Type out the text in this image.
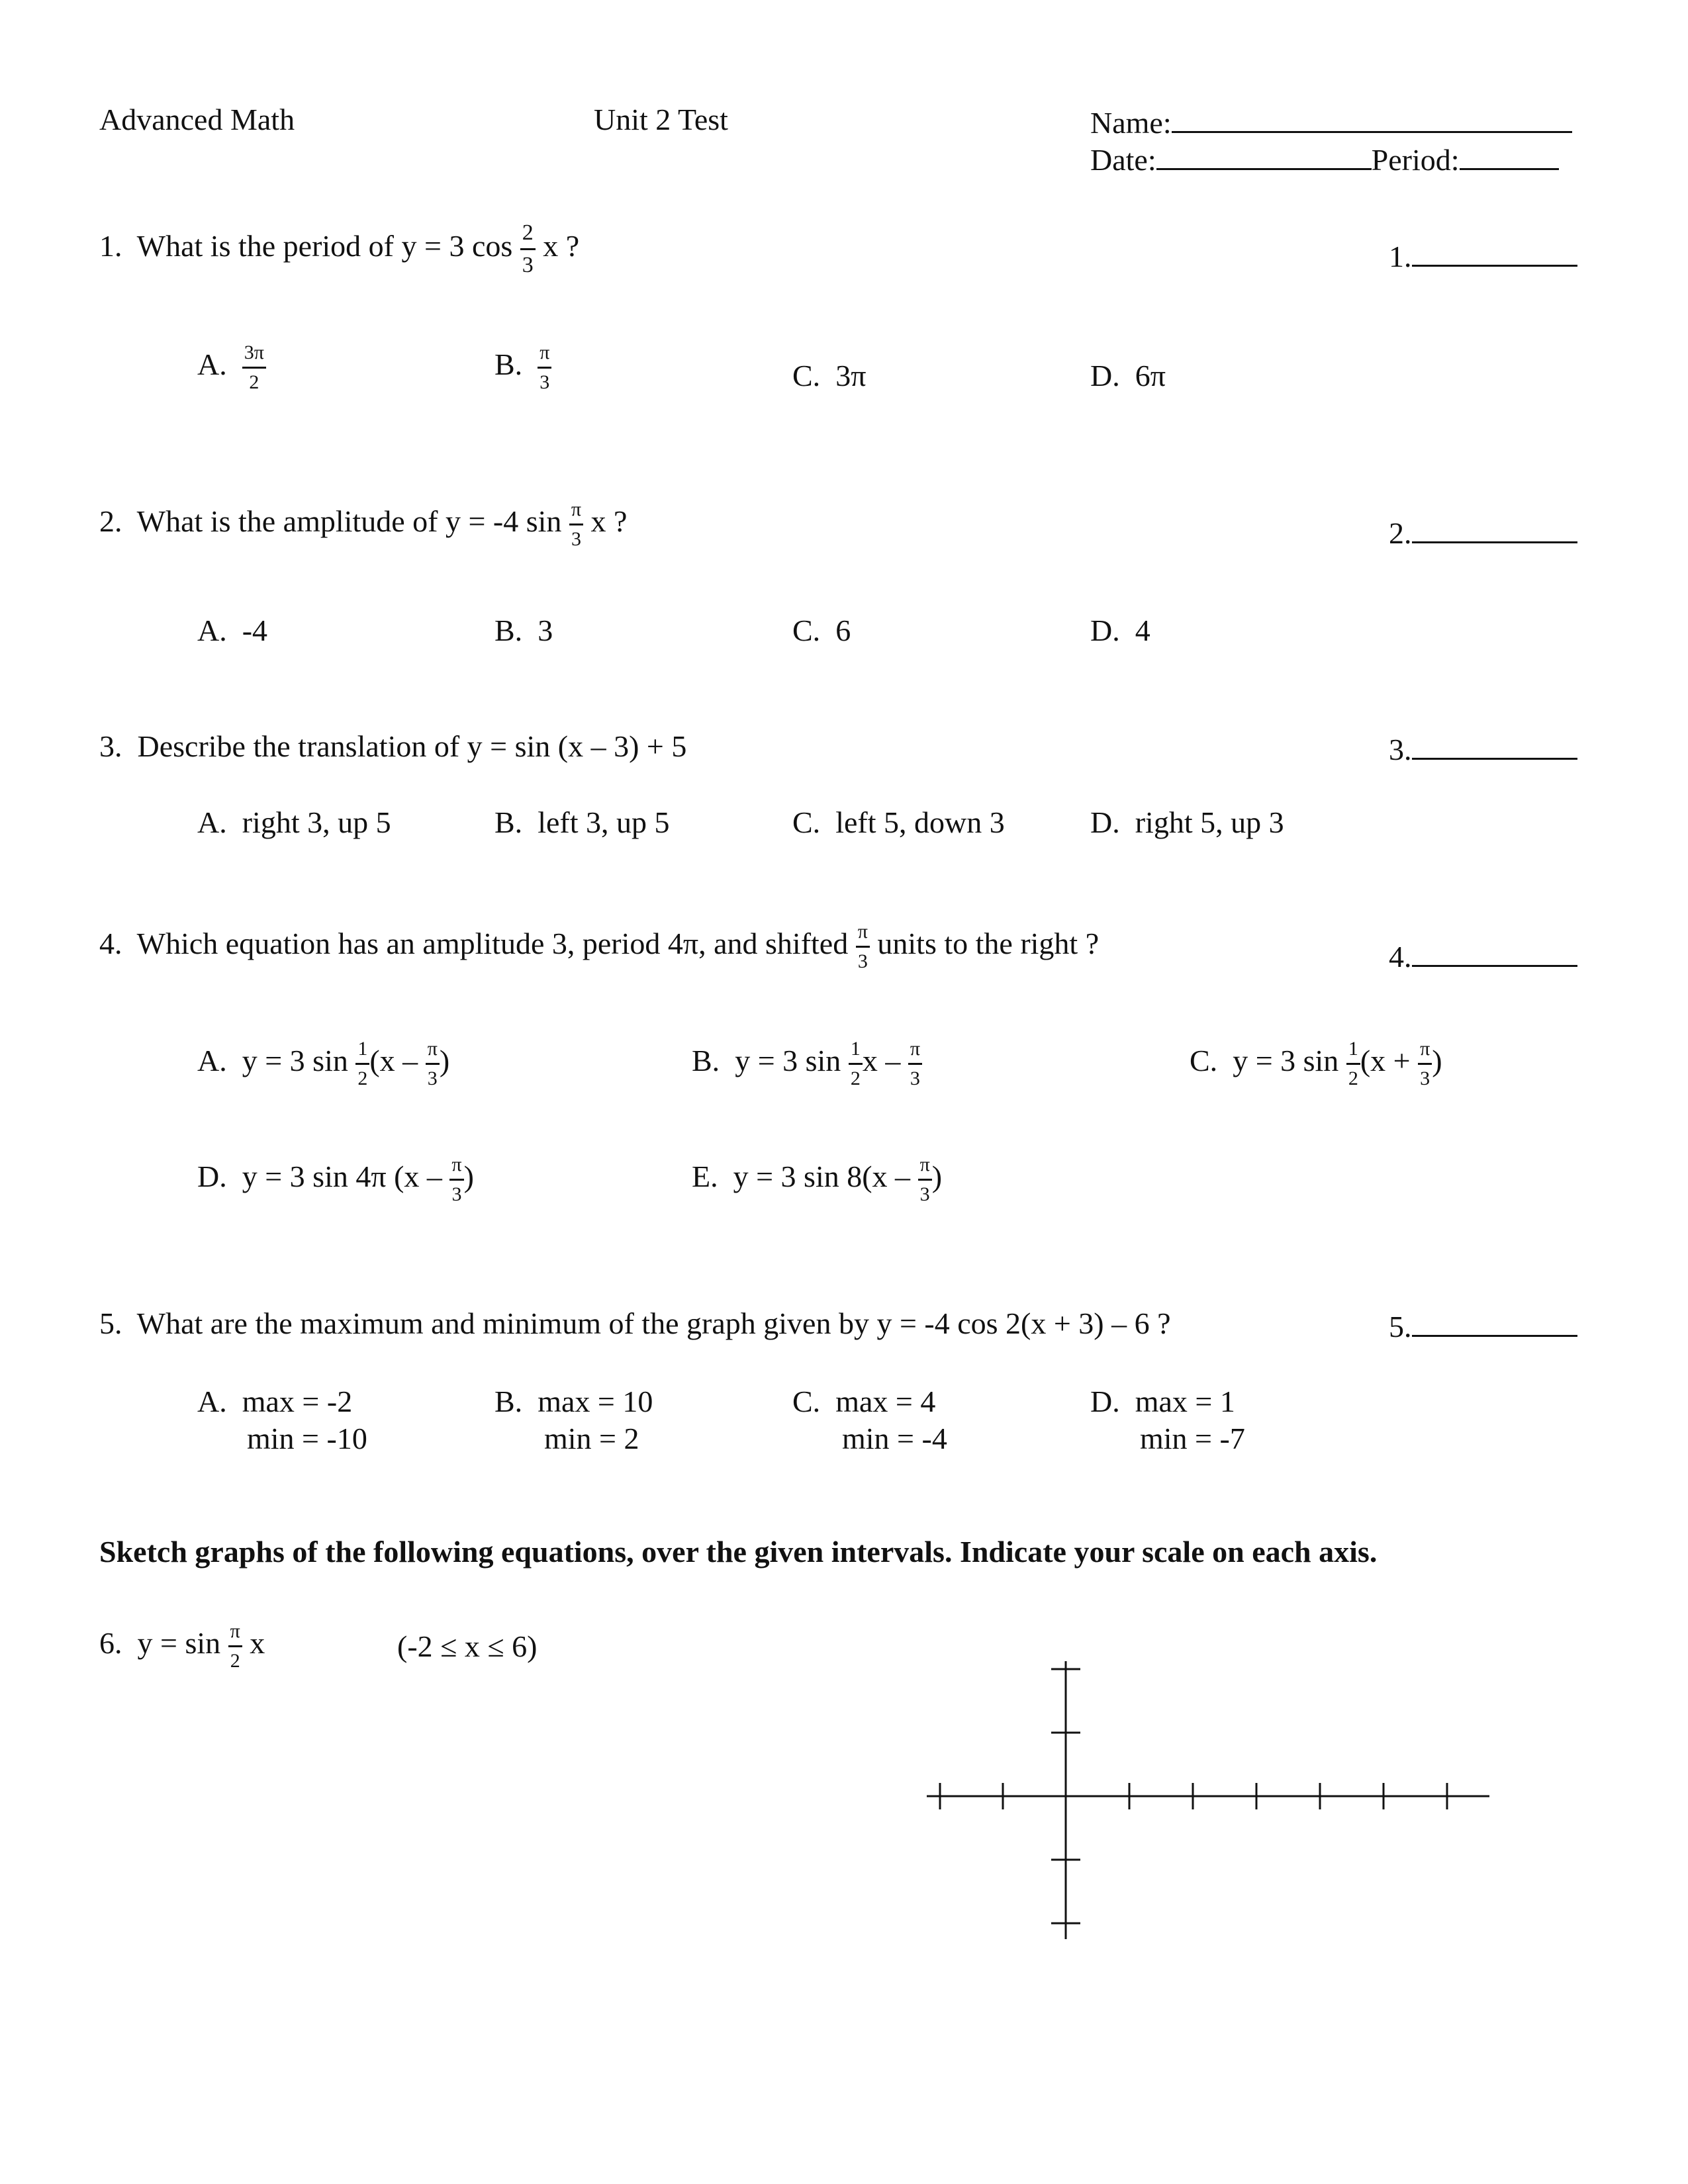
Advanced Math	Unit 2 Test	Name:
Date:	Period:
1. What is the period of y = 3 $\cos \frac{2}{3}$ x ?	1.
A. $\frac{3\pi}{2}$	B. $\frac{\pi}{3}$	C. 3π	D. 6π
2. What is the amplitude of y = -4 $\sin \frac{\pi}{3}$ x ?	2.
A. -4	B. 3	C. 6	D. 4
3. Describe the translation of y = sin (x – 3) + 5	3.
A. right 3, up 5	B. left 3, up 5	C. left 5, down 3	D. right 5, up 3
4. Which equation has an amplitude 3, period 4π, and shifted $\frac{\pi}{3}$ units to the right ?	4.
A. y = 3 $\sin \frac{1}{2} (x - \frac{\pi}{3}$ )	B. y = 3 $\sin \frac{1}{2}$ x – $\frac{\pi}{3}$	C. y = 3 $\sin \frac{1}{2} (x + \frac{\pi}{3}$ )
D. y = 3 sin 4π ($x - \frac{\pi}{3}$ )	E. y = 3 $\sin 8(x - \frac{\pi}{3}$ )
5. What are the maximum and minimum of the graph given by y = -4 cos 2(x + 3) – 6 ?	5.
A. max = -2
min = -10
B. max = 10
min = 2
C. max = 4
min = -4
D. max = 1
min = -7
Sketch graphs of the following equations, over the given intervals. Indicate your scale on each axis.
6. $y = \sin \frac{\pi}{2}$ x	(-2 ≤ x ≤ 6)
